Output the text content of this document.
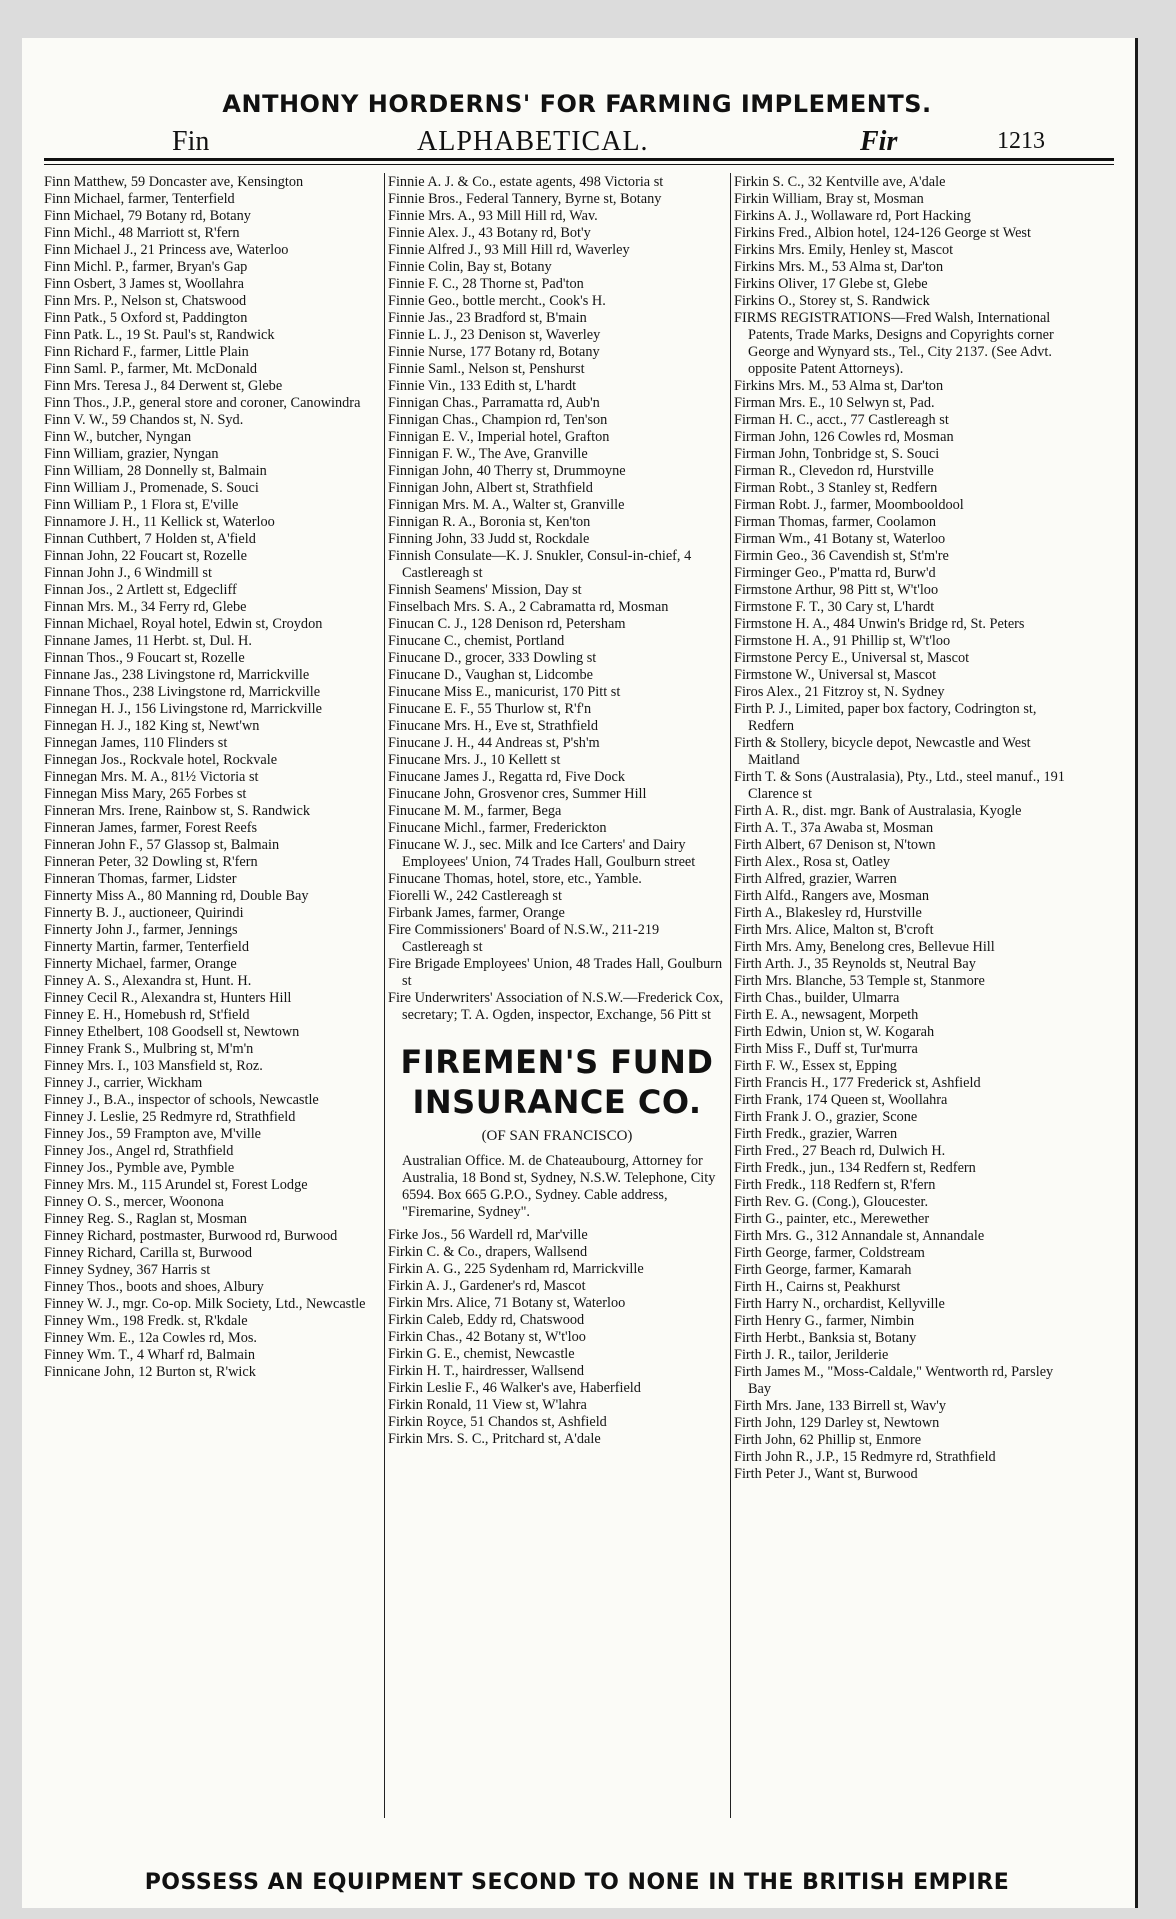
ANTHONY HORDERNS' FOR FARMING IMPLEMENTS.
Fin	ALPHABETICAL.	Fir	1213

Finn Matthew, 59 Doncaster ave, Kensington

Finn Michael, farmer, Tenterfield

Finn Michael, 79 Botany rd, Botany

Finn Michl., 48 Marriott st, R'fern

Finn Michael J., 21 Princess ave, Waterloo

Finn Michl. P., farmer, Bryan's Gap

Finn Osbert, 3 James st, Woollahra

Finn Mrs. P., Nelson st, Chatswood

Finn Patk., 5 Oxford st, Paddington

Finn Patk. L., 19 St. Paul's st, Randwick

Finn Richard F., farmer, Little Plain

Finn Saml. P., farmer, Mt. McDonald

Finn Mrs. Teresa J., 84 Derwent st, Glebe

Finn Thos., J.P., general store and coroner, Canowindra

Finn V. W., 59 Chandos st, N. Syd.

Finn W., butcher, Nyngan

Finn William, grazier, Nyngan

Finn William, 28 Donnelly st, Balmain

Finn William J., Promenade, S. Souci

Finn William P., 1 Flora st, E'ville

Finnamore J. H., 11 Kellick st, Waterloo

Finnan Cuthbert, 7 Holden st, A'field

Finnan John, 22 Foucart st, Rozelle

Finnan John J., 6 Windmill st

Finnan Jos., 2 Artlett st, Edgecliff

Finnan Mrs. M., 34 Ferry rd, Glebe

Finnan Michael, Royal hotel, Edwin st, Croydon

Finnane James, 11 Herbt. st, Dul. H.

Finnan Thos., 9 Foucart st, Rozelle

Finnane Jas., 238 Livingstone rd, Marrickville

Finnane Thos., 238 Livingstone rd, Marrickville

Finnegan H. J., 156 Livingstone rd, Marrickville

Finnegan H. J., 182 King st, Newt'wn

Finnegan James, 110 Flinders st

Finnegan Jos., Rockvale hotel, Rockvale

Finnegan Mrs. M. A., 81½ Victoria st

Finnegan Miss Mary, 265 Forbes st

Finneran Mrs. Irene, Rainbow st, S. Randwick

Finneran James, farmer, Forest Reefs

Finneran John F., 57 Glassop st, Balmain

Finneran Peter, 32 Dowling st, R'fern

Finneran Thomas, farmer, Lidster

Finnerty Miss A., 80 Manning rd, Double Bay

Finnerty B. J., auctioneer, Quirindi

Finnerty John J., farmer, Jennings

Finnerty Martin, farmer, Tenterfield

Finnerty Michael, farmer, Orange

Finney A. S., Alexandra st, Hunt. H.

Finney Cecil R., Alexandra st, Hunters Hill

Finney E. H., Homebush rd, St'field

Finney Ethelbert, 108 Goodsell st, Newtown

Finney Frank S., Mulbring st, M'm'n

Finney Mrs. I., 103 Mansfield st, Roz.

Finney J., carrier, Wickham

Finney J., B.A., inspector of schools, Newcastle

Finney J. Leslie, 25 Redmyre rd, Strathfield

Finney Jos., 59 Frampton ave, M'ville

Finney Jos., Angel rd, Strathfield

Finney Jos., Pymble ave, Pymble

Finney Mrs. M., 115 Arundel st, Forest Lodge

Finney O. S., mercer, Woonona

Finney Reg. S., Raglan st, Mosman

Finney Richard, postmaster, Burwood rd, Burwood

Finney Richard, Carilla st, Burwood

Finney Sydney, 367 Harris st

Finney Thos., boots and shoes, Albury

Finney W. J., mgr. Co-op. Milk Society, Ltd., Newcastle

Finney Wm., 198 Fredk. st, R'kdale

Finney Wm. E., 12a Cowles rd, Mos.

Finney Wm. T., 4 Wharf rd, Balmain

Finnicane John, 12 Burton st, R'wick

Finnie A. J. & Co., estate agents, 498 Victoria st

Finnie Bros., Federal Tannery, Byrne st, Botany

Finnie Mrs. A., 93 Mill Hill rd, Wav.

Finnie Alex. J., 43 Botany rd, Bot'y

Finnie Alfred J., 93 Mill Hill rd, Waverley

Finnie Colin, Bay st, Botany

Finnie F. C., 28 Thorne st, Pad'ton

Finnie Geo., bottle mercht., Cook's H.

Finnie Jas., 23 Bradford st, B'main

Finnie L. J., 23 Denison st, Waverley

Finnie Nurse, 177 Botany rd, Botany

Finnie Saml., Nelson st, Penshurst

Finnie Vin., 133 Edith st, L'hardt

Finnigan Chas., Parramatta rd, Aub'n

Finnigan Chas., Champion rd, Ten'son

Finnigan E. V., Imperial hotel, Grafton

Finnigan F. W., The Ave, Granville

Finnigan John, 40 Therry st, Drummoyne

Finnigan John, Albert st, Strathfield

Finnigan Mrs. M. A., Walter st, Granville

Finnigan R. A., Boronia st, Ken'ton

Finning John, 33 Judd st, Rockdale

Finnish Consulate—K. J. Snukler, Consul-in-chief, 4 Castlereagh st

Finnish Seamens' Mission, Day st

Finselbach Mrs. S. A., 2 Cabramatta rd, Mosman

Finucan C. J., 128 Denison rd, Petersham

Finucane C., chemist, Portland

Finucane D., grocer, 333 Dowling st

Finucane D., Vaughan st, Lidcombe

Finucane Miss E., manicurist, 170 Pitt st

Finucane E. F., 55 Thurlow st, R'f'n

Finucane Mrs. H., Eve st, Strathfield

Finucane J. H., 44 Andreas st, P'sh'm

Finucane Mrs. J., 10 Kellett st

Finucane James J., Regatta rd, Five Dock

Finucane John, Grosvenor cres, Summer Hill

Finucane M. M., farmer, Bega

Finucane Michl., farmer, Frederickton

Finucane W. J., sec. Milk and Ice Carters' and Dairy Employees' Union, 74 Trades Hall, Goulburn street

Finucane Thomas, hotel, store, etc., Yamble.

Fiorelli W., 242 Castlereagh st

Firbank James, farmer, Orange

Fire Commissioners' Board of N.S.W., 211-219 Castlereagh st

Fire Brigade Employees' Union, 48 Trades Hall, Goulburn st

Fire Underwriters' Association of N.S.W.—Frederick Cox, secretary; T. A. Ogden, inspector, Exchange, 56 Pitt st

FIREMEN'S FUND
INSURANCE CO.
(OF SAN FRANCISCO)
Australian Office. M. de Chateaubourg, Attorney for Australia, 18 Bond st, Sydney, N.S.W. Telephone, City 6594. Box 665 G.P.O., Sydney. Cable address, "Firemarine, Sydney".

Firke Jos., 56 Wardell rd, Mar'ville

Firkin C. & Co., drapers, Wallsend

Firkin A. G., 225 Sydenham rd, Marrickville

Firkin A. J., Gardener's rd, Mascot

Firkin Mrs. Alice, 71 Botany st, Waterloo

Firkin Caleb, Eddy rd, Chatswood

Firkin Chas., 42 Botany st, W't'loo

Firkin G. E., chemist, Newcastle

Firkin H. T., hairdresser, Wallsend

Firkin Leslie F., 46 Walker's ave, Haberfield

Firkin Ronald, 11 View st, W'lahra

Firkin Royce, 51 Chandos st, Ashfield

Firkin Mrs. S. C., Pritchard st, A'dale

Firkin S. C., 32 Kentville ave, A'dale

Firkin William, Bray st, Mosman

Firkins A. J., Wollaware rd, Port Hacking

Firkins Fred., Albion hotel, 124-126 George st West

Firkins Mrs. Emily, Henley st, Mascot

Firkins Mrs. M., 53 Alma st, Dar'ton

Firkins Oliver, 17 Glebe st, Glebe

Firkins O., Storey st, S. Randwick

FIRMS REGISTRATIONS—Fred Walsh, International Patents, Trade Marks, Designs and Copyrights corner George and Wynyard sts., Tel., City 2137. (See Advt. opposite Patent Attorneys).

Firkins Mrs. M., 53 Alma st, Dar'ton

Firman Mrs. E., 10 Selwyn st, Pad.

Firman H. C., acct., 77 Castlereagh st

Firman John, 126 Cowles rd, Mosman

Firman John, Tonbridge st, S. Souci

Firman R., Clevedon rd, Hurstville

Firman Robt., 3 Stanley st, Redfern

Firman Robt. J., farmer, Moombooldool

Firman Thomas, farmer, Coolamon

Firman Wm., 41 Botany st, Waterloo

Firmin Geo., 36 Cavendish st, St'm're

Firminger Geo., P'matta rd, Burw'd

Firmstone Arthur, 98 Pitt st, W't'loo

Firmstone F. T., 30 Cary st, L'hardt

Firmstone H. A., 484 Unwin's Bridge rd, St. Peters

Firmstone H. A., 91 Phillip st, W't'loo

Firmstone Percy E., Universal st, Mascot

Firmstone W., Universal st, Mascot

Firos Alex., 21 Fitzroy st, N. Sydney

Firth P. J., Limited, paper box factory, Codrington st, Redfern

Firth & Stollery, bicycle depot, Newcastle and West Maitland

Firth T. & Sons (Australasia), Pty., Ltd., steel manuf., 191 Clarence st

Firth A. R., dist. mgr. Bank of Australasia, Kyogle

Firth A. T., 37a Awaba st, Mosman

Firth Albert, 67 Denison st, N'town

Firth Alex., Rosa st, Oatley

Firth Alfred, grazier, Warren

Firth Alfd., Rangers ave, Mosman

Firth A., Blakesley rd, Hurstville

Firth Mrs. Alice, Malton st, B'croft

Firth Mrs. Amy, Benelong cres, Bellevue Hill

Firth Arth. J., 35 Reynolds st, Neutral Bay

Firth Mrs. Blanche, 53 Temple st, Stanmore

Firth Chas., builder, Ulmarra

Firth E. A., newsagent, Morpeth

Firth Edwin, Union st, W. Kogarah

Firth Miss F., Duff st, Tur'murra

Firth F. W., Essex st, Epping

Firth Francis H., 177 Frederick st, Ashfield

Firth Frank, 174 Queen st, Woollahra

Firth Frank J. O., grazier, Scone

Firth Fredk., grazier, Warren

Firth Fred., 27 Beach rd, Dulwich H.

Firth Fredk., jun., 134 Redfern st, Redfern

Firth Fredk., 118 Redfern st, R'fern

Firth Rev. G. (Cong.), Gloucester.

Firth G., painter, etc., Merewether

Firth Mrs. G., 312 Annandale st, Annandale

Firth George, farmer, Coldstream

Firth George, farmer, Kamarah

Firth H., Cairns st, Peakhurst

Firth Harry N., orchardist, Kellyville

Firth Henry G., farmer, Nimbin

Firth Herbt., Banksia st, Botany

Firth J. R., tailor, Jerilderie

Firth James M., "Moss-Caldale," Wentworth rd, Parsley Bay

Firth Mrs. Jane, 133 Birrell st, Wav'y

Firth John, 129 Darley st, Newtown

Firth John, 62 Phillip st, Enmore

Firth John R., J.P., 15 Redmyre rd, Strathfield

Firth Peter J., Want st, Burwood

POSSESS AN EQUIPMENT SECOND TO NONE IN THE BRITISH EMPIRE
